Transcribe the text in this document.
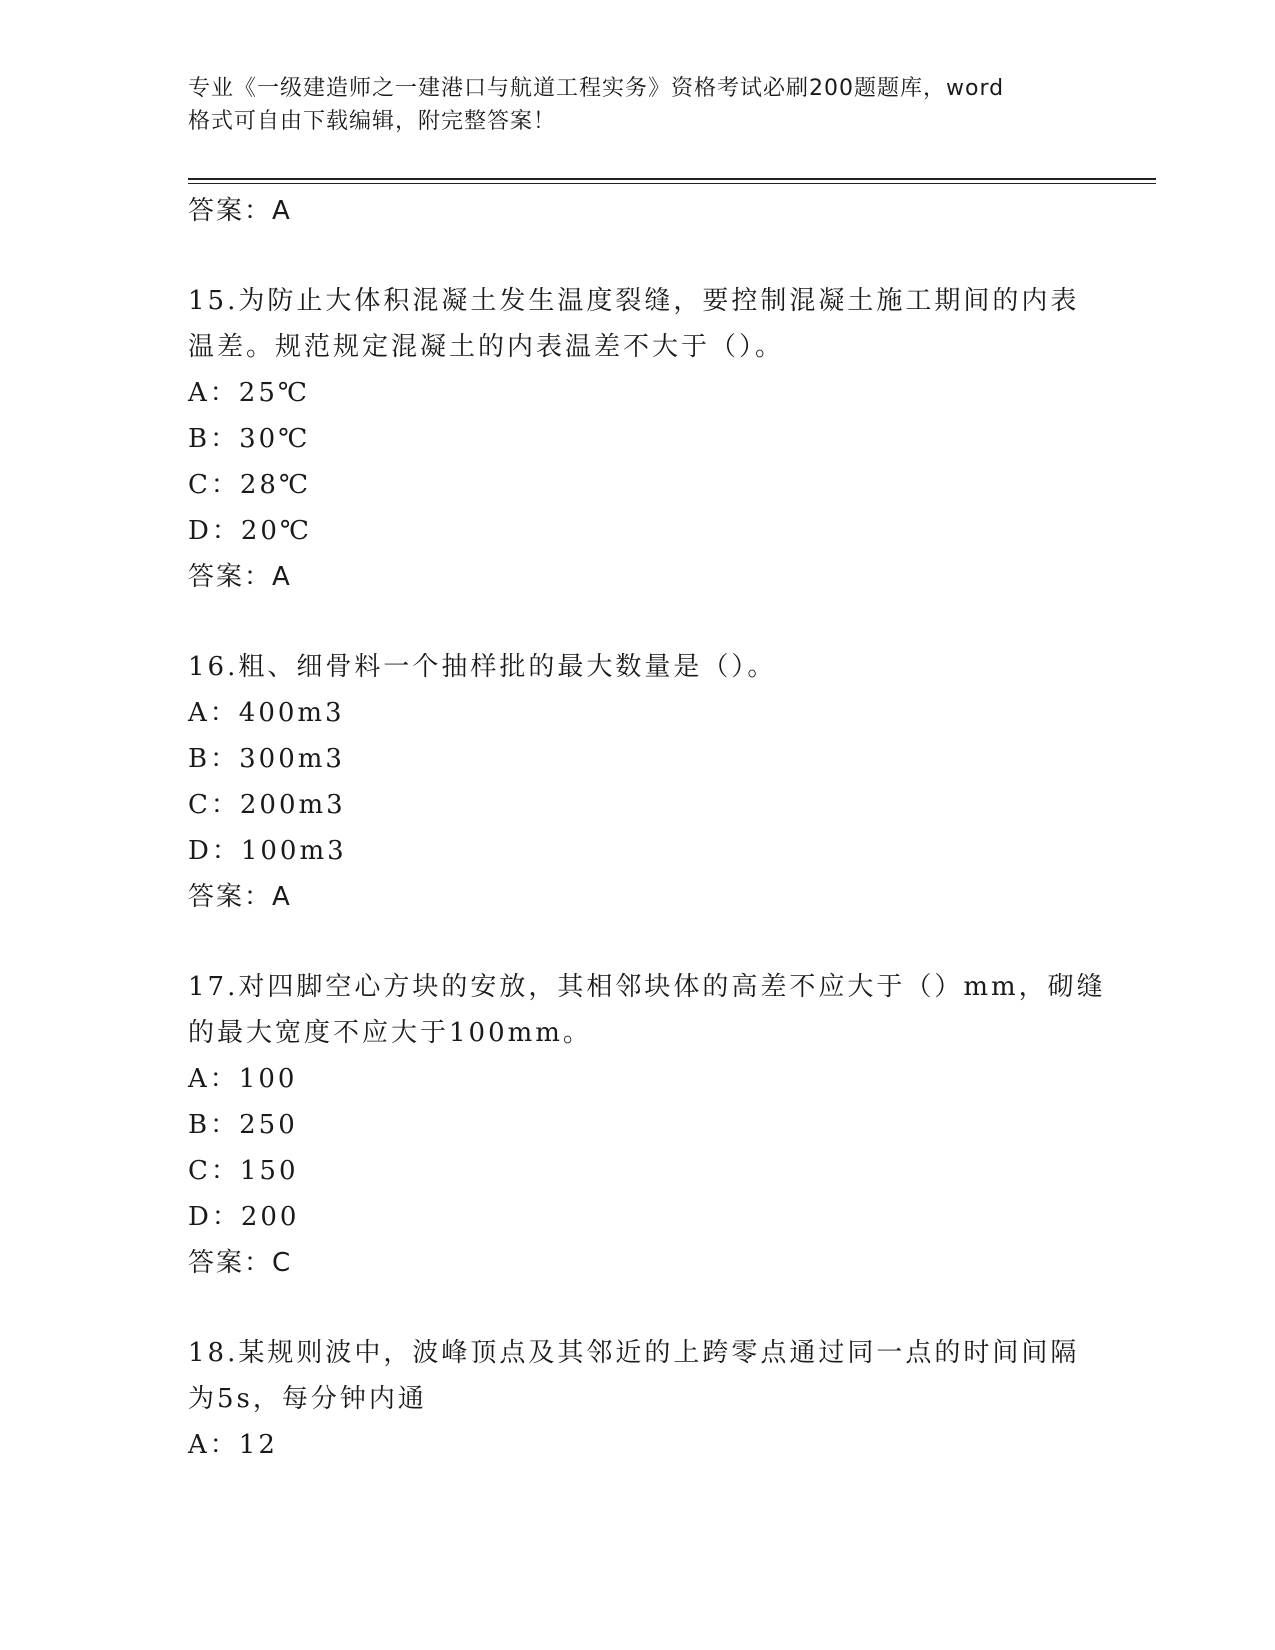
专业《一级建造师之一建港口与航道工程实务》资格考试必刷200题题库，word
格式可自由下载编辑，附完整答案！
答案：A
15.为防止大体积混凝土发生温度裂缝，要控制混凝土施工期间的内表
温差。规范规定混凝土的内表温差不大于（）。
A：25℃
B：30℃
C：28℃
D：20℃
答案：A
16.粗、细骨料一个抽样批的最大数量是（）。
A：400m3
B：300m3
C：200m3
D：100m3
答案：A
17.对四脚空心方块的安放，其相邻块体的高差不应大于（）mm，砌缝
的最大宽度不应大于100mm。
A：100
B：250
C：150
D：200
答案：C
18.某规则波中，波峰顶点及其邻近的上跨零点通过同一点的时间间隔
为5s，每分钟内通
A：12
